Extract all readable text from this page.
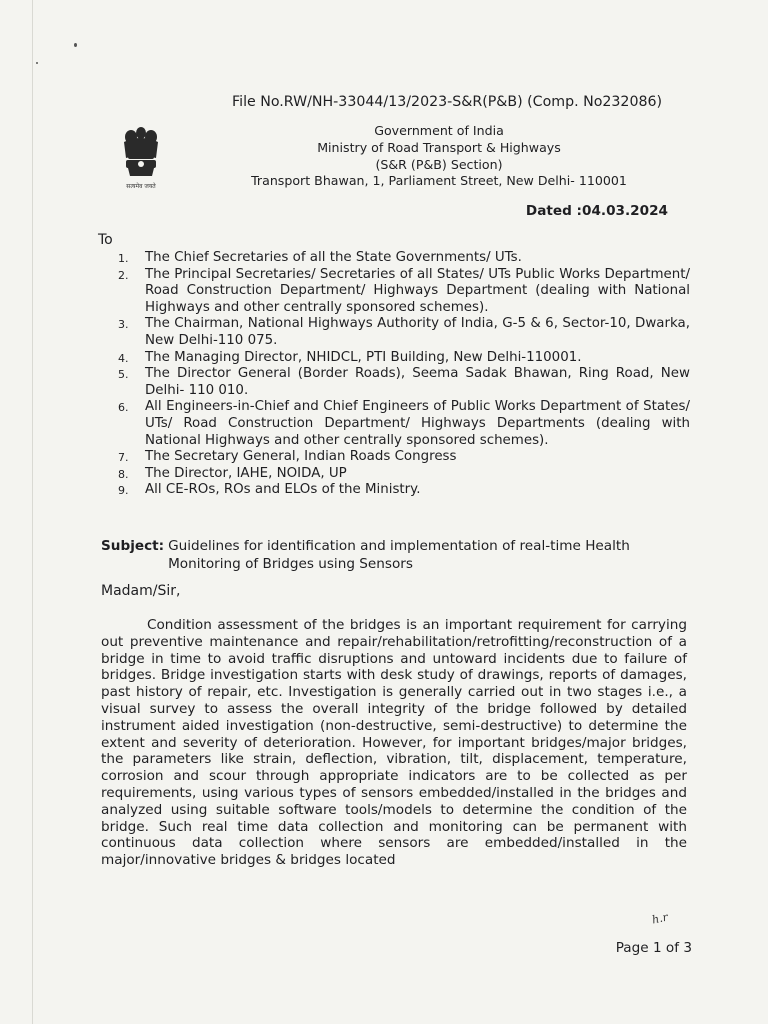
File No.RW/NH-33044/13/2023-S&R(P&B) (Comp. No232086)
सत्यमेव जयते
Government of India
Ministry of Road Transport & Highways
(S&R (P&B) Section)
Transport Bhawan, 1, Parliament Street, New Delhi- 110001
Dated :04.03.2024
To
1. The Chief Secretaries of all the State Governments/ UTs.
2. The Principal Secretaries/ Secretaries of all States/ UTs Public Works Department/ Road Construction Department/ Highways Department (dealing with National Highways and other centrally sponsored schemes).
3. The Chairman, National Highways Authority of India, G-5 & 6, Sector-10, Dwarka, New Delhi-110 075.
4. The Managing Director, NHIDCL, PTI Building, New Delhi-110001.
5. The Director General (Border Roads), Seema Sadak Bhawan, Ring Road, New Delhi- 110 010.
6. All Engineers-in-Chief and Chief Engineers of Public Works Department of States/ UTs/ Road Construction Department/ Highways Departments (dealing with National Highways and other centrally sponsored schemes).
7. The Secretary General, Indian Roads Congress
8. The Director, IAHE, NOIDA, UP
9. All CE-ROs, ROs and ELOs of the Ministry.
Subject: Guidelines for identification and implementation of real-time Health Monitoring of Bridges using Sensors
Madam/Sir,

Condition assessment of the bridges is an important requirement for carrying out preventive maintenance and repair/rehabilitation/retrofitting/reconstruction of a bridge in time to avoid traffic disruptions and untoward incidents due to failure of bridges. Bridge investigation starts with desk study of drawings, reports of damages, past history of repair, etc. Investigation is generally carried out in two stages i.e., a visual survey to assess the overall integrity of the bridge followed by detailed instrument aided investigation (non-destructive, semi-destructive) to determine the extent and severity of deterioration. However, for important bridges/major bridges, the parameters like strain, deflection, vibration, tilt, displacement, temperature, corrosion and scour through appropriate indicators are to be collected as per requirements, using various types of sensors embedded/installed in the bridges and analyzed using suitable software tools/models to determine the condition of the bridge. Such real time data collection and monitoring can be permanent with continuous data collection where sensors are embedded/installed in the major/innovative bridges & bridges located

h.r
Page 1 of 3
